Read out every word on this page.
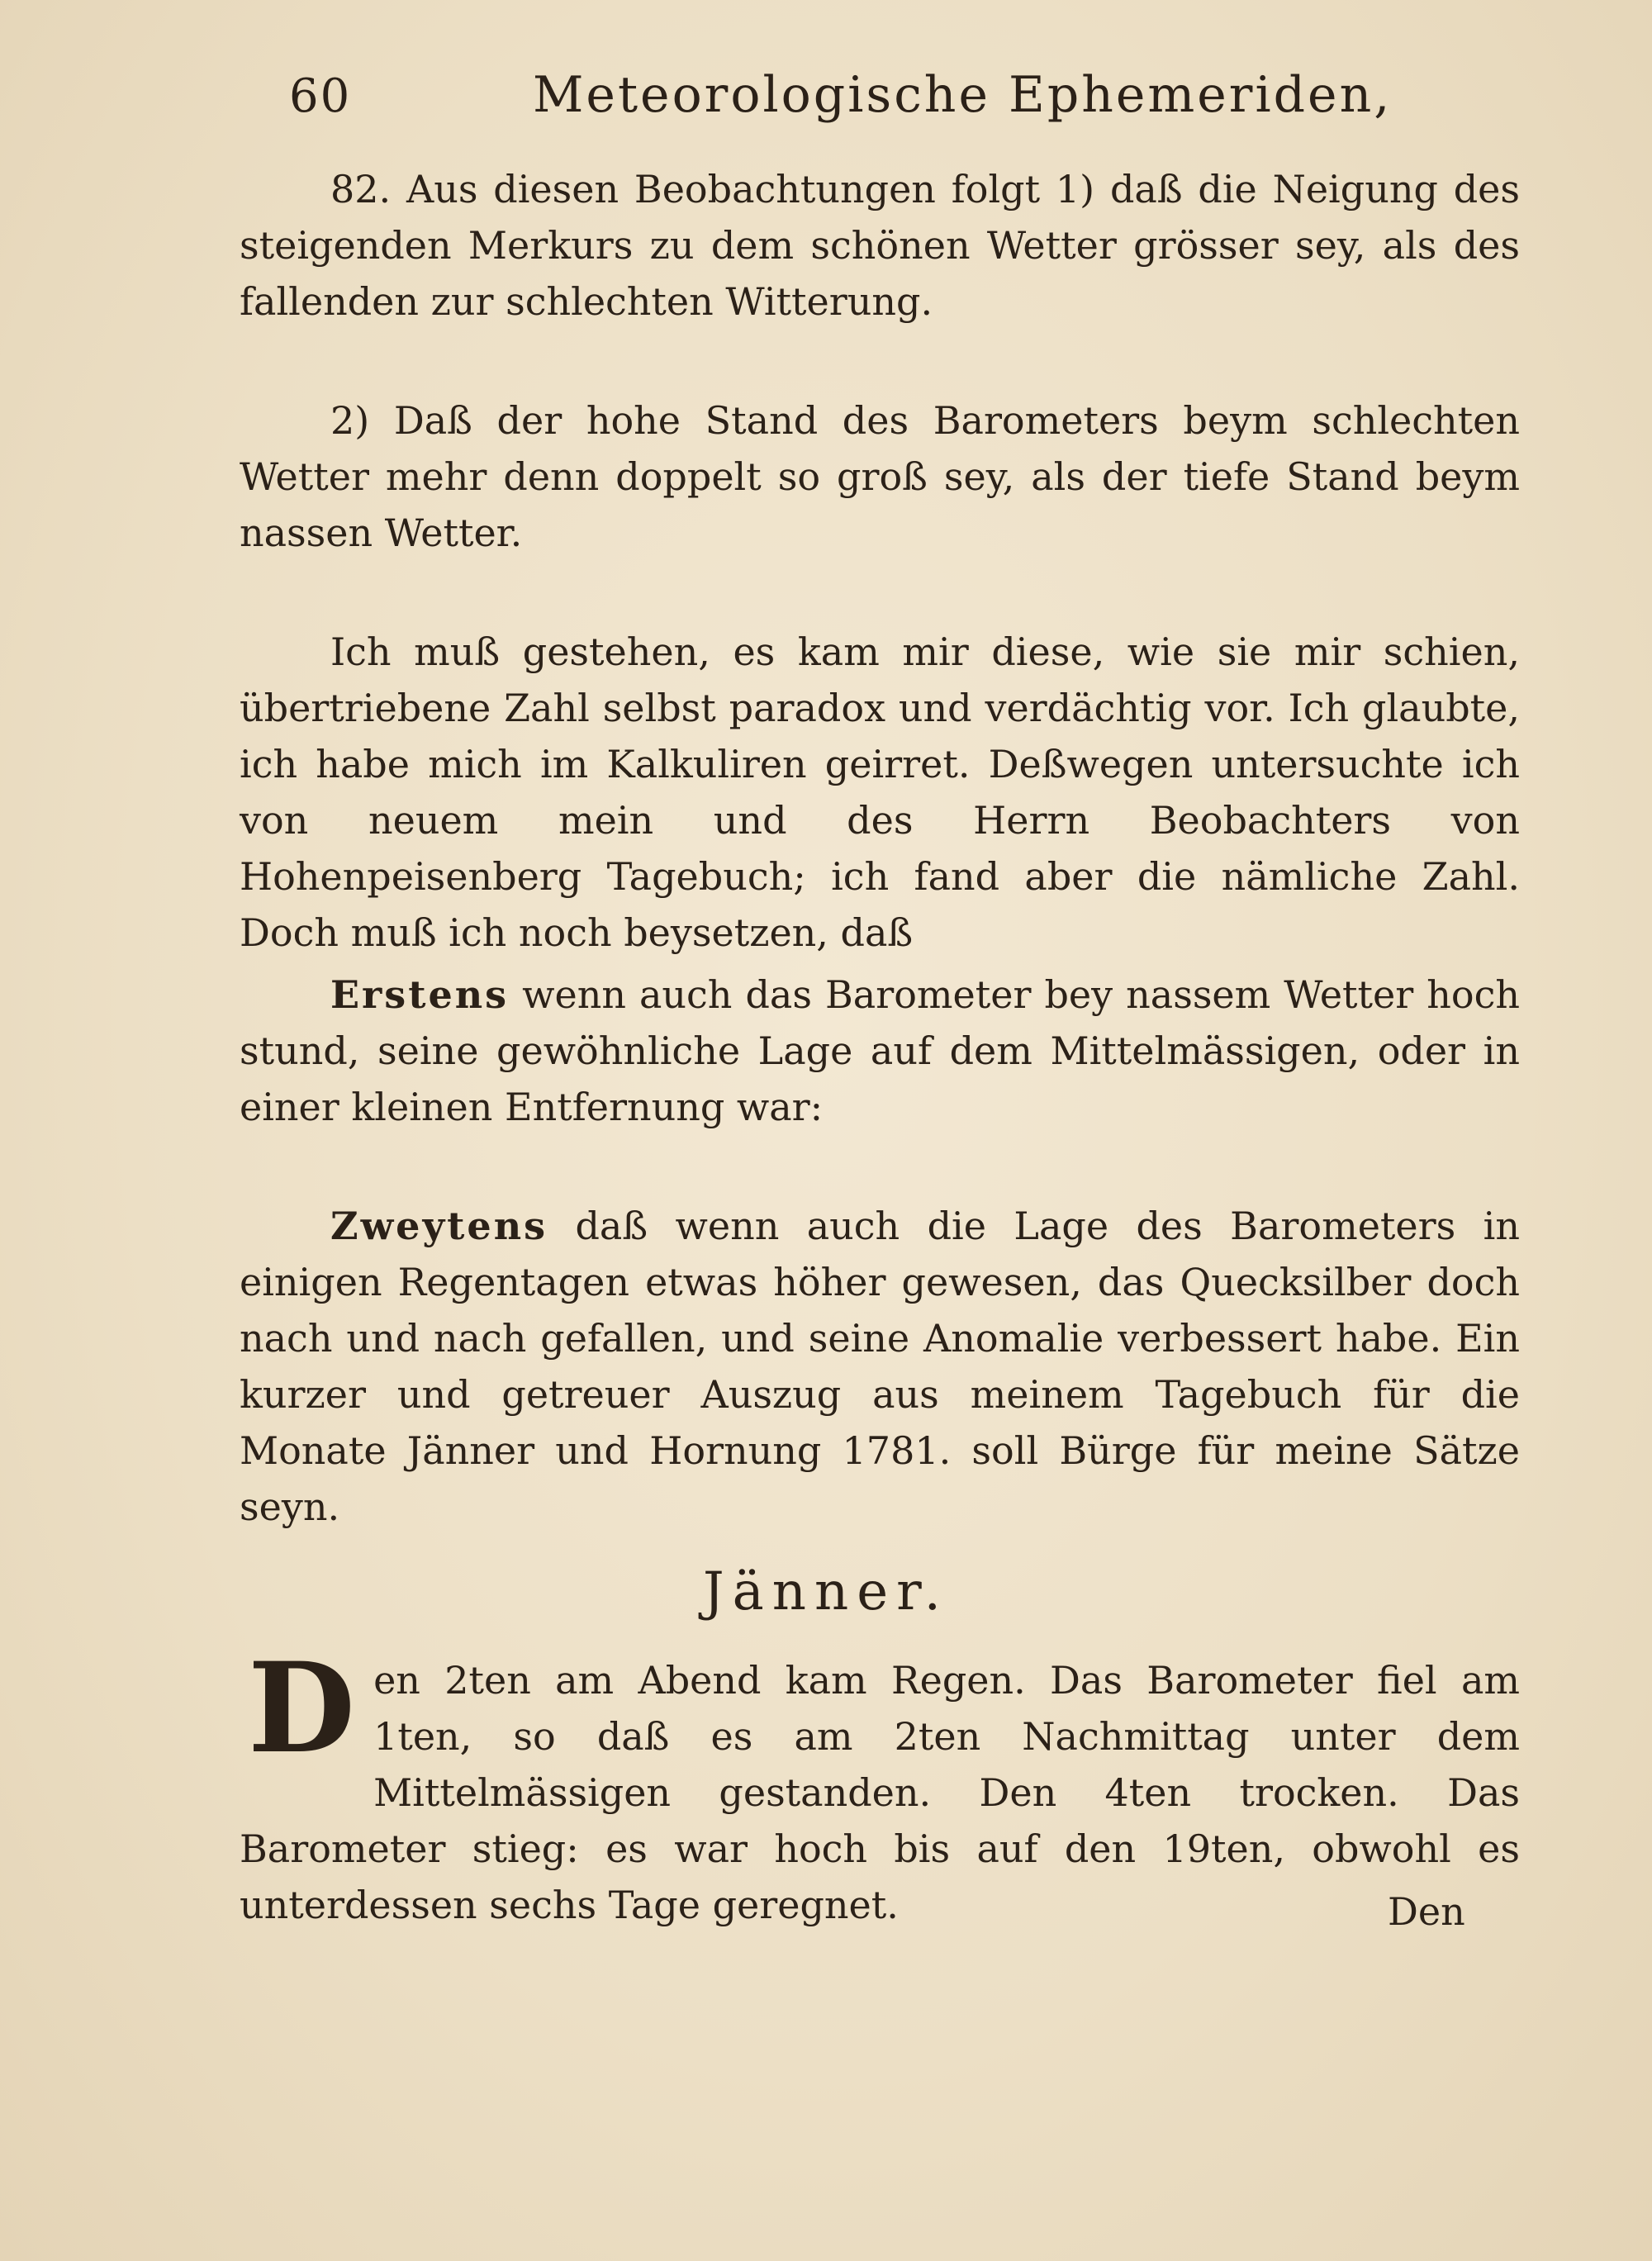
60	Meteorologische Ephemeriden,

82. Aus diesen Beobachtungen folgt 1) daß die Neigung des steigenden Merkurs zu dem schönen Wetter grösser sey, als des fallenden zur schlechten Witterung.

2) Daß der hohe Stand des Barometers beym schlechten Wetter mehr denn doppelt so groß sey, als der tiefe Stand beym nassen Wetter.

Ich muß gestehen, es kam mir diese, wie sie mir schien, übertriebene Zahl selbst paradox und verdächtig vor. Ich glaubte, ich habe mich im Kalkuliren geirret. Deßwegen untersuchte ich von neuem mein und des Herrn Beobachters von Hohenpeisenberg Tagebuch; ich fand aber die nämliche Zahl. Doch muß ich noch beysetzen, daß

Erstens wenn auch das Barometer bey nassem Wetter hoch stund, seine gewöhnliche Lage auf dem Mittelmässigen, oder in einer kleinen Entfernung war:

Zweytens daß wenn auch die Lage des Barometers in einigen Regentagen etwas höher gewesen, das Quecksilber doch nach und nach gefallen, und seine Anomalie verbessert habe. Ein kurzer und getreuer Auszug aus meinem Tagebuch für die Monate Jänner und Hornung 1781. soll Bürge für meine Sätze seyn.

Jänner.

Den 2ten am Abend kam Regen. Das Barometer fiel am 1ten, so daß es am 2ten Nachmittag unter dem Mittelmässigen gestanden. Den 4ten trocken. Das Barometer stieg: es war hoch bis auf den 19ten, obwohl es unterdessen sechs Tage geregnet.	Den
